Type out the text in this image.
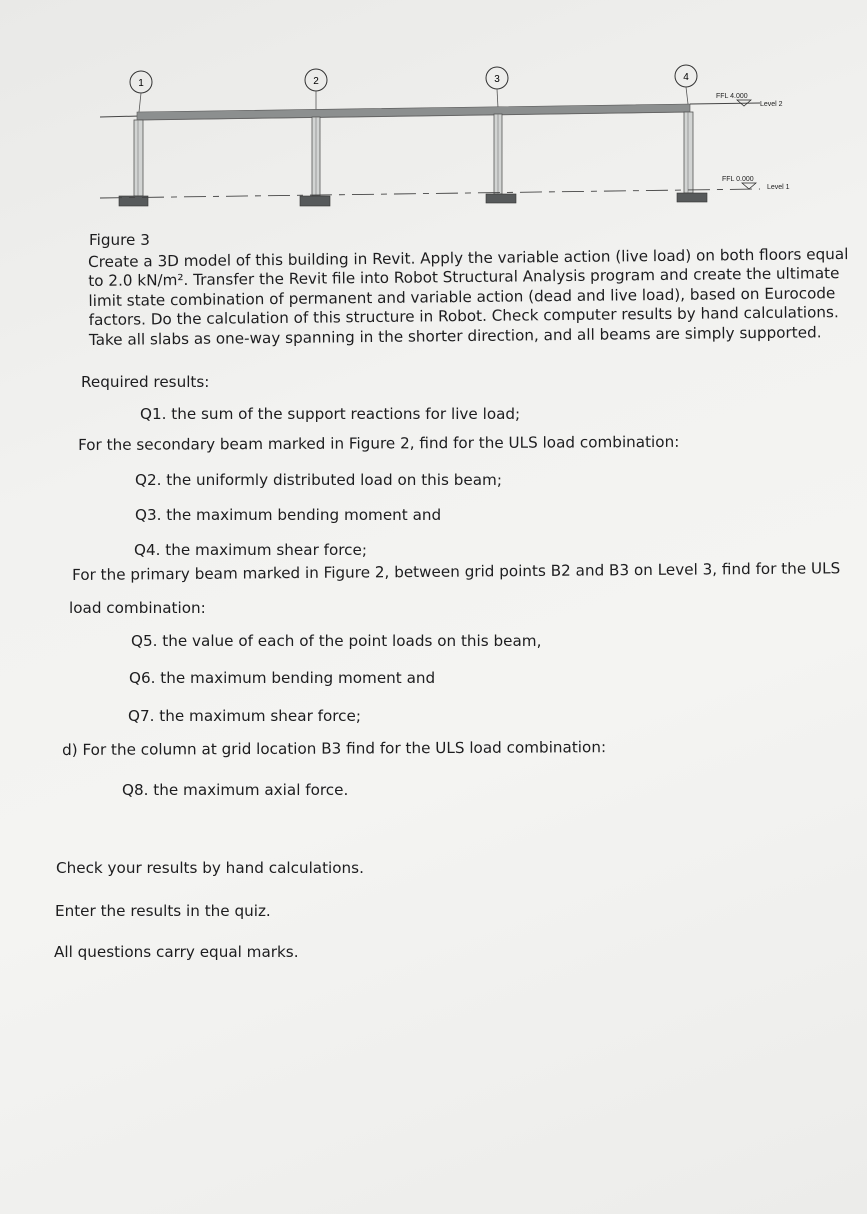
1	2	3	4
FFL 4.000
Level 2
FFL 0.000
Level 1
Figure 3
Create a 3D model of this building in Revit. Apply the variable action (live load) on both floors equal
to 2.0 kN/m². Transfer the Revit file into Robot Structural Analysis program and create the ultimate
limit state combination of permanent and variable action (dead and live load), based on Eurocode
factors. Do the calculation of this structure in Robot. Check computer results by hand calculations.
Take all slabs as one-way spanning in the shorter direction, and all beams are simply supported.
Required results:
Q1. the sum of the support reactions for live load;
For the secondary beam marked in Figure 2, find for the ULS load combination:
Q2. the uniformly distributed load on this beam;
Q3. the maximum bending moment and
Q4. the maximum shear force;
For the primary beam marked in Figure 2, between grid points B2 and B3 on Level 3, find for the ULS
load combination:
Q5. the value of each of the point loads on this beam,
Q6. the maximum bending moment and
Q7. the maximum shear force;
d) For the column at grid location B3 find for the ULS load combination:
Q8. the maximum axial force.
Check your results by hand calculations.
Enter the results in the quiz.
All questions carry equal marks.
